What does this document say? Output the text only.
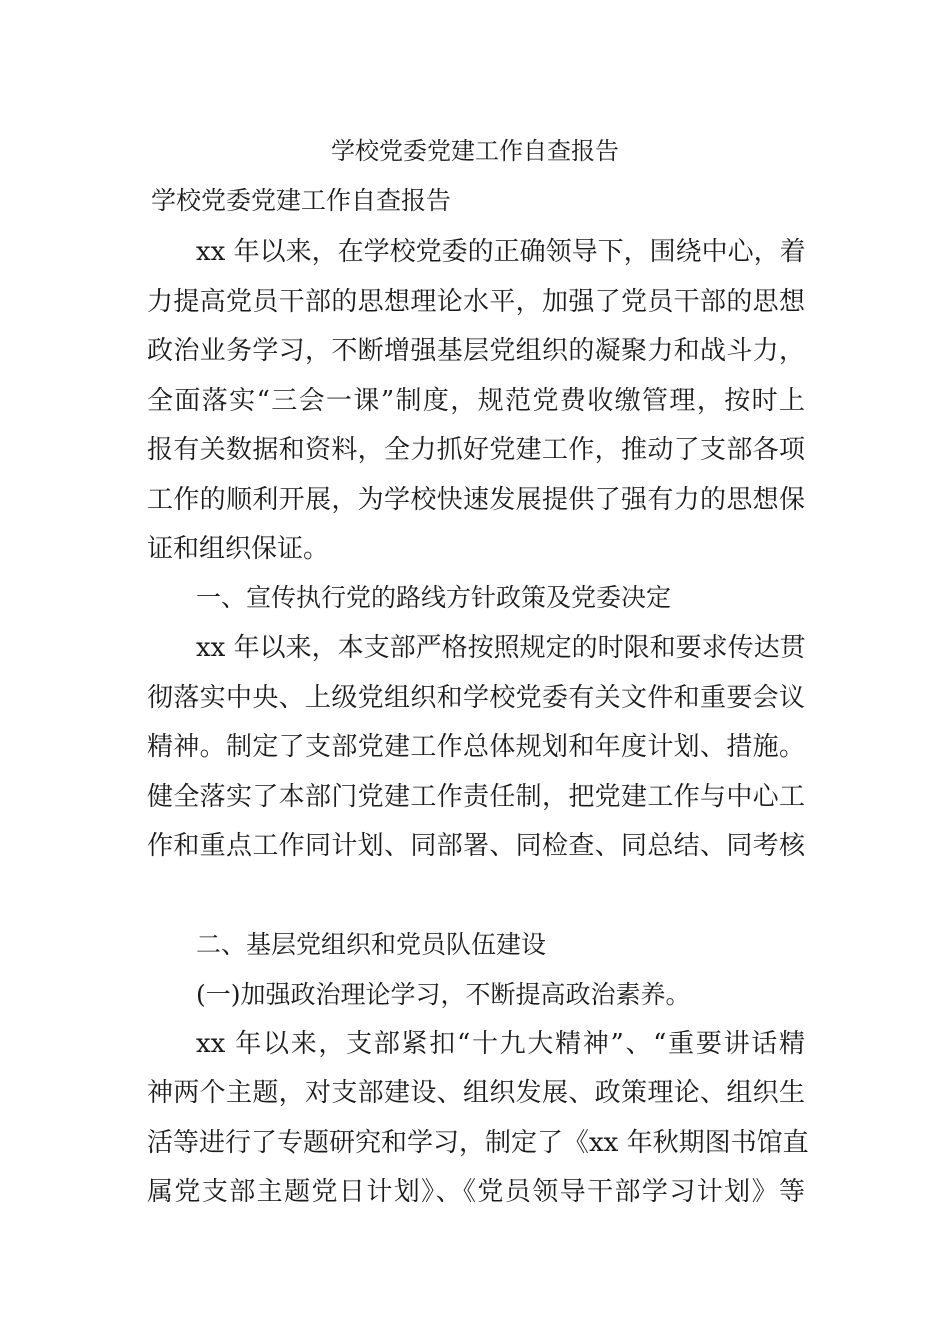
学校党委党建工作自查报告
学校党委党建工作自查报告
xx 年以来，在学校党委的正确领导下，围绕中心，着
力提高党员干部的思想理论水平，加强了党员干部的思想
政治业务学习，不断增强基层党组织的凝聚力和战斗力，
全面落实“三会一课”制度，规范党费收缴管理，按时上
报有关数据和资料，全力抓好党建工作，推动了支部各项
工作的顺利开展，为学校快速发展提供了强有力的思想保
证和组织保证。
一、宣传执行党的路线方针政策及党委决定
xx 年以来，本支部严格按照规定的时限和要求传达贯
彻落实中央、上级党组织和学校党委有关文件和重要会议
精神。制定了支部党建工作总体规划和年度计划、措施。
健全落实了本部门党建工作责任制，把党建工作与中心工
作和重点工作同计划、同部署、同检查、同总结、同考核
二、基层党组织和党员队伍建设
(一)加强政治理论学习，不断提高政治素养。
xx 年以来，支部紧扣“十九大精神”、“重要讲话精
神两个主题，对支部建设、组织发展、政策理论、组织生
活等进行了专题研究和学习，制定了《xx 年秋期图书馆直
属党支部主题党日计划》、《党员领导干部学习计划》等
